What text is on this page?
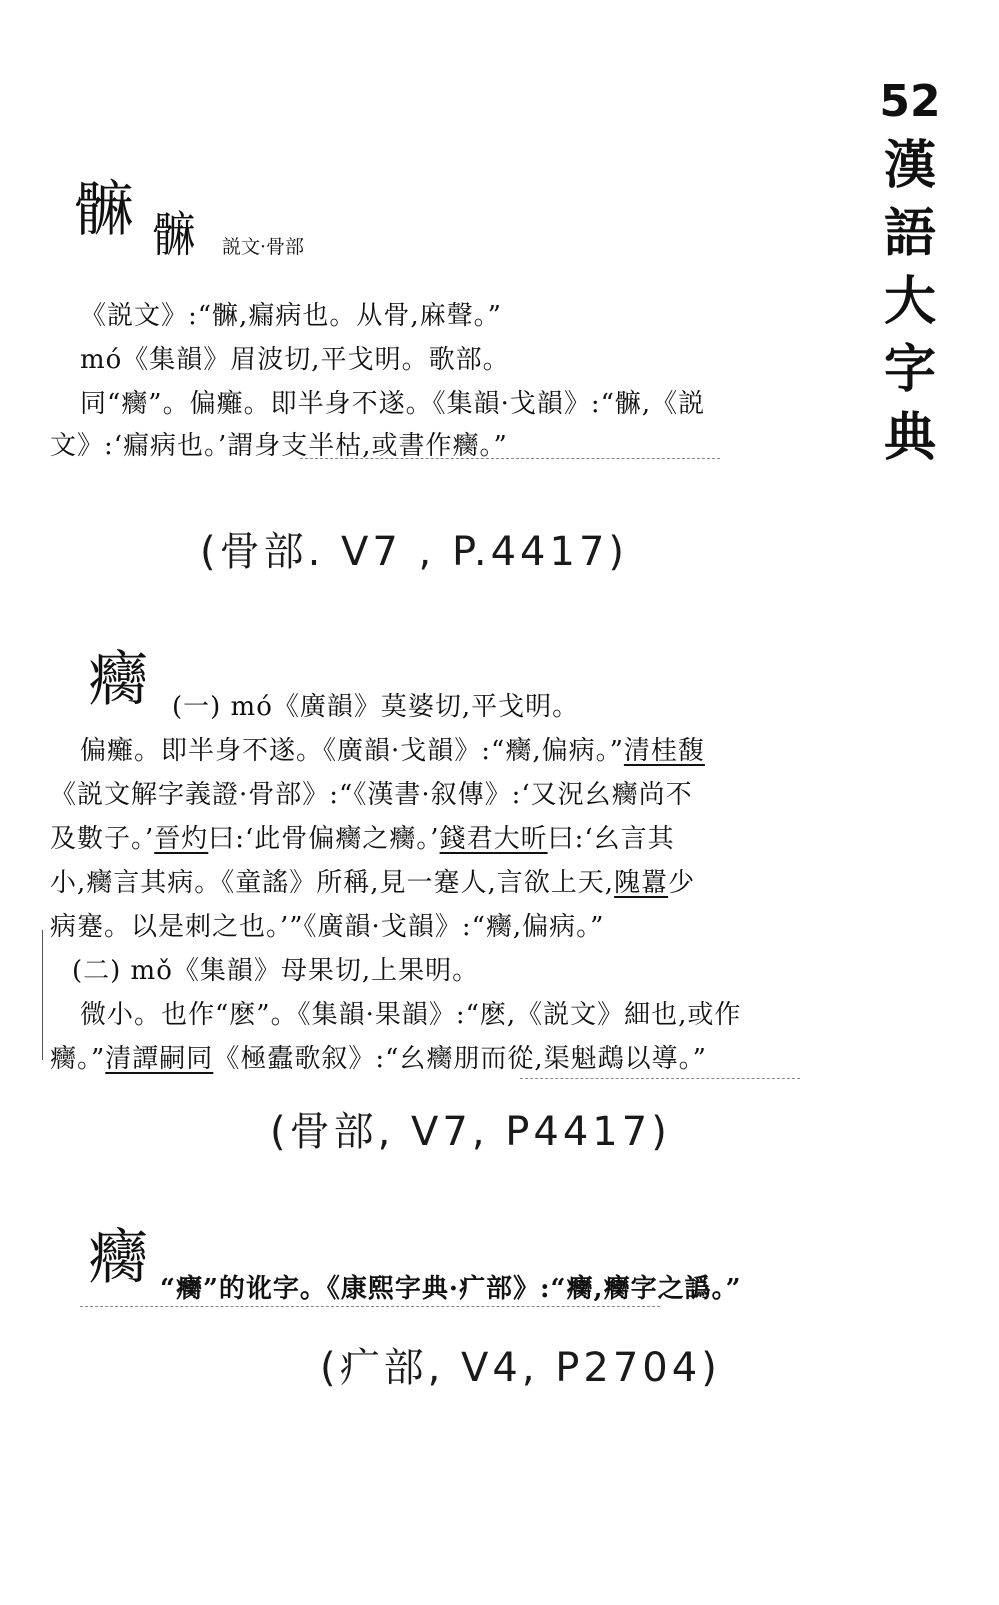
52
漢
語
大
字
典
髍 髍 説文·骨部
《説文》:“髍,瘺病也。从骨,麻聲。”
mó《集韻》眉波切,平戈明。歌部。
同“癵”。偏癱。即半身不遂。《集韻·戈韻》:“髍,《説
文》:‘瘺病也。’謂身支半枯,或書作癵。”
(骨部. V7 , P.4417)
癵 (一) mó《廣韻》莫婆切,平戈明。
偏癱。即半身不遂。《廣韻·戈韻》:“癵,偏病。”清桂馥
《説文解字義證·骨部》:“《漢書·叙傳》:‘又況幺癵尚不
及數子。’晉灼曰:‘此骨偏癵之癵。’錢君大昕曰:‘幺言其
小,癵言其病。《童謠》所稱,見一蹇人,言欲上天,隗囂少
病蹇。以是刺之也。’”《廣韻·戈韻》:“癵,偏病。”
(二) mǒ《集韻》母果切,上果明。
微小。也作“麽”。《集韻·果韻》:“麽,《説文》細也,或作
癵。”清譚嗣同《極蠹歌叙》:“幺癵朋而從,渠魁鵡以導。”
(骨部, V7, P4417)
癵 “癵”的讹字。《康熙字典·疒部》:“癵,癵字之譌。”
(疒部, V4, P2704)
